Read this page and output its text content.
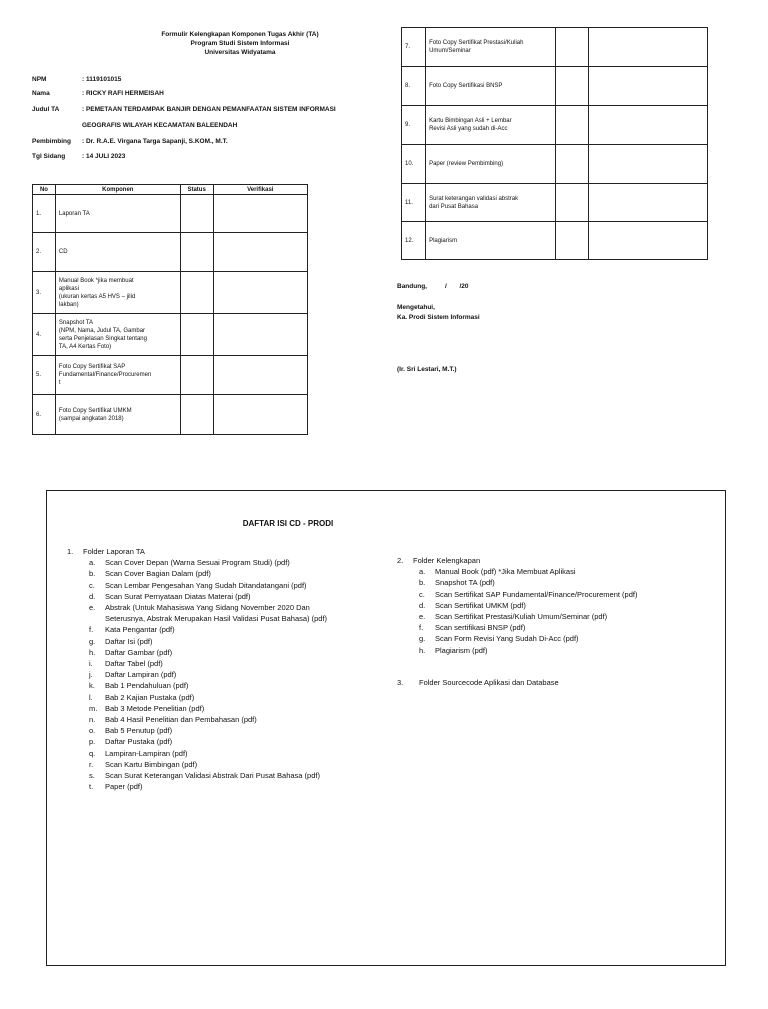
Formulir Kelengkapan Komponen Tugas Akhir (TA)
Program Studi Sistem Informasi
Universitas Widyatama
NPM	: 1119101015
Nama	: RICKY RAFI HERMEISAH
Judul TA	: PEMETAAN TERDAMPAK BANJIR DENGAN PEMANFAATAN SISTEM INFORMASI
GEOGRAFIS WILAYAH KECAMATAN BALEENDAH
Pembimbing : Dr. R.A.E. Virgana Targa Sapanji, S.KOM., M.T.
Tgl Sidang	: 14 JULI 2023
No	Komponen	Status	Verifikasi
1.	Laporan TA		

2.	CD		

3.	Manual Book *jika membuat
aplikasi
(ukuran kertas A5 HVS – jilid
lakban)		

4.	Snapshot TA
(NPM, Nama, Judul TA, Gambar
serta Penjelasan Singkat tentang
TA, A4 Kertas Foto)		

5.	Foto Copy Sertifikat SAP
Fundamental/Finance/Procuremen
t		

6.	Foto Copy Sertifikat UMKM
(sampai angkatan 2018)		

7.	Foto Copy Sertifikat Prestasi/Kuliah
Umum/Seminar		

8.	Foto Copy Sertifikasi BNSP		

9.	Kartu Bimbingan Asli + Lembar
Revisi Asli yang sudah di-Acc		

10.	Paper (review Pembimbing)		

11.	Surat keterangan validasi abstrak
dari Pusat Bahasa		

12.	Plagiarism		

Bandung,          /       /20
Mengetahui,
Ka. Prodi Sistem Informasi
(Ir. Sri Lestari, M.T.)
DAFTAR ISI CD - PRODI
1. Folder Laporan TA
a. Scan Cover Depan (Warna Sesuai Program Studi) (pdf)
b. Scan Cover Bagian Dalam (pdf)
c. Scan Lembar Pengesahan Yang Sudah Ditandatangani (pdf)
d. Scan Surat Pernyataan Diatas Materai (pdf)
e. Abstrak (Untuk Mahasiswa Yang Sidang November 2020 Dan
Seterusnya, Abstrak Merupakan Hasil Validasi Pusat Bahasa) (pdf)
f. Kata Pengantar (pdf)
g. Daftar Isi (pdf)
h. Daftar Gambar (pdf)
i. Daftar Tabel (pdf)
j. Daftar Lampiran (pdf)
k. Bab 1 Pendahuluan (pdf)
l. Bab 2 Kajian Pustaka (pdf)
m. Bab 3 Metode Penelitian (pdf)
n. Bab 4 Hasil Penelitian dan Pembahasan (pdf)
o. Bab 5 Penutup (pdf)
p. Daftar Pustaka (pdf)
q. Lampiran-Lampiran (pdf)
r. Scan Kartu Bimbingan (pdf)
s. Scan Surat Keterangan Validasi Abstrak Dari Pusat Bahasa (pdf)
t. Paper (pdf)
2. Folder Kelengkapan
a. Manual Book (pdf) *Jika Membuat Aplikasi
b. Snapshot TA (pdf)
c. Scan Sertifikat SAP Fundamental/Finance/Procurement (pdf)
d. Scan Sertifikat UMKM (pdf)
e. Scan Sertifikat Prestasi/Kuliah Umum/Seminar (pdf)
f. Scan sertifikasi BNSP (pdf)
g. Scan Form Revisi Yang Sudah Di-Acc (pdf)
h. Plagiarism (pdf)
3. Folder Sourcecode Aplikasi dan Database
